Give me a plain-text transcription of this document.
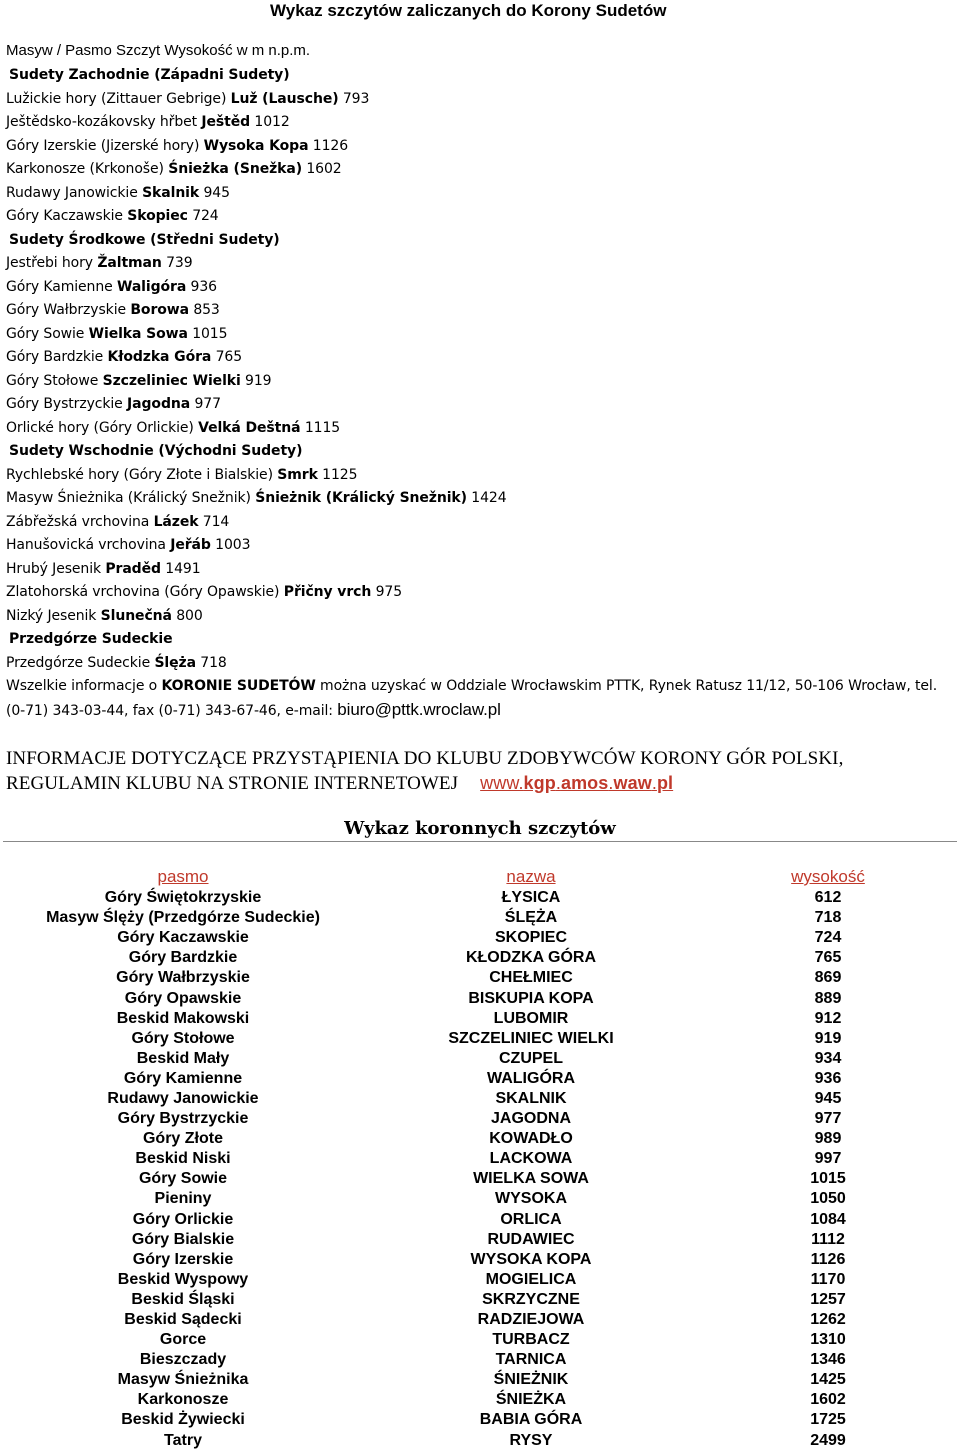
Wykaz szczytów zaliczanych do Korony Sudetów
Masyw / Pasmo Szczyt Wysokość w m n.p.m.
Sudety Zachodnie (Západni Sudety)
Lužickie hory (Zittauer Gebrige) Luž (Lausche) 793
Ještědsko-kozákovsky hřbet Ještěd 1012
Góry Izerskie (Jizerské hory) Wysoka Kopa 1126
Karkonosze (Krkonoše) Śnieżka (Snežka) 1602
Rudawy Janowickie Skalnik 945
Góry Kaczawskie Skopiec 724
Sudety Środkowe (Středni Sudety)
Jestřebi hory Žaltman 739
Góry Kamienne Waligóra 936
Góry Wałbrzyskie Borowa 853
Góry Sowie Wielka Sowa 1015
Góry Bardzkie Kłodzka Góra 765
Góry Stołowe Szczeliniec Wielki 919
Góry Bystrzyckie Jagodna 977
Orlické hory (Góry Orlickie) Velká Deštná 1115
Sudety Wschodnie (Východni Sudety)
Rychlebské hory (Góry Złote i Bialskie) Smrk 1125
Masyw Śnieżnika (Králický Snežnik) Śnieżnik (Králický Snežnik) 1424
Zábřežská vrchovina Lázek 714
Hanušovická vrchovina Jeřáb 1003
Hrubý Jesenik Praděd 1491
Zlatohorská vrchovina (Góry Opawskie) Přičny vrch 975
Nizký Jesenik Slunečná 800
Przedgórze Sudeckie
Przedgórze Sudeckie Ślęża 718
Wszelkie informacje o KORONIE SUDETÓW można uzyskać w Oddziale Wrocławskim PTTK, Rynek Ratusz 11/12, 50-106 Wrocław, tel. (0-71) 343-03-44, fax (0-71) 343-67-46, e-mail: biuro@pttk.wroclaw.pl
INFORMACJE DOTYCZĄCE PRZYSTĄPIENIA DO KLUBU ZDOBYWCÓW KORONY GÓR POLSKI,
REGULAMIN KLUBU NA STRONIE INTERNETOWEJ www.kgp.amos.waw.pl
Wykaz koronnych szczytów
pasmo	nazwa	wysokość
Góry Świętokrzyskie	ŁYSICA	612
Masyw Ślęży (Przedgórze Sudeckie)	ŚLĘŻA	718
Góry Kaczawskie	SKOPIEC	724
Góry Bardzkie	KŁODZKA GÓRA	765
Góry Wałbrzyskie	CHEŁMIEC	869
Góry Opawskie	BISKUPIA KOPA	889
Beskid Makowski	LUBOMIR	912
Góry Stołowe	SZCZELINIEC WIELKI	919
Beskid Mały	CZUPEL	934
Góry Kamienne	WALIGÓRA	936
Rudawy Janowickie	SKALNIK	945
Góry Bystrzyckie	JAGODNA	977
Góry Złote	KOWADŁO	989
Beskid Niski	LACKOWA	997
Góry Sowie	WIELKA SOWA	1015
Pieniny	WYSOKA	1050
Góry Orlickie	ORLICA	1084
Góry Bialskie	RUDAWIEC	1112
Góry Izerskie	WYSOKA KOPA	1126
Beskid Wyspowy	MOGIELICA	1170
Beskid Śląski	SKRZYCZNE	1257
Beskid Sądecki	RADZIEJOWA	1262
Gorce	TURBACZ	1310
Bieszczady	TARNICA	1346
Masyw Śnieżnika	ŚNIEŻNIK	1425
Karkonosze	ŚNIEŻKA	1602
Beskid Żywiecki	BABIA GÓRA	1725
Tatry	RYSY	2499
